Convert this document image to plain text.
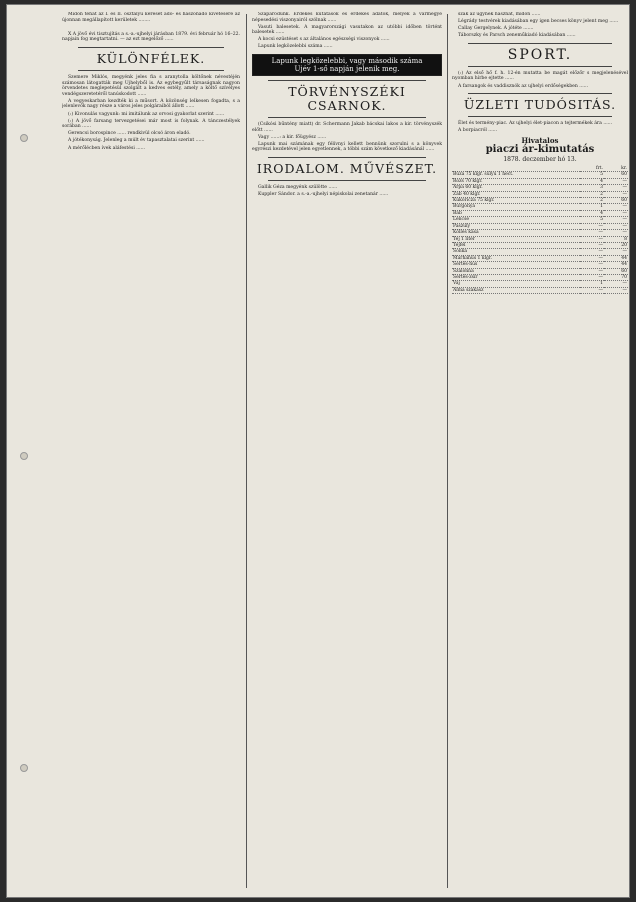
Midőn tehát az I. és II. osztályu kereset adó- és haszonadó kivetésére az újonnan megállapított kerületek ........

X A jövő évi tisztujítás a s.-a.-ujhelyi járásban 1879. évi február hó 16–22. napjain fog megtartatni. — az ezt megelőző ......

KÜLÖNFÉLEK.

Szemere Miklós, megyénk jeles fia s aranytolla költőnek névestéjén számosan látogatták meg Ujhelyből is. Az egybegyűlt társaságnak nagyon örvendetes meglepetésül szolgált a kedves estély, amely a költő szívélyes vendégszeretetéről tanúskodott ......

A vegyeskarban kezdték ki a műsort. A közönség lelkesen fogadta, s a jelenlevők nagy része a város jeles polgáraiból állott ......

(:) Kivonulás vagyunk: mi imitálunk az orvosi gyakorlat szerint ......

(:) A jövő farsang tervezgetései már most is folynak. A tánczestélyek sorában ......

Gerencsi borospince ...... rendkivül olcsó áron eladó.

A jótékonyság. Jelenleg a múlt év tapasztalatai szerint ......

A mérőlécben ívek aláfestési ......

Szaparodunk. Érdekes kutatások és érdekes adatok, melyek a vármegye népesedési viszonyairól szólnak ......

Vasuti balesetek. A magyarországi vasutakon az utóbbi időben történt balesetek ......

A kocsi ezüstéset s az általános egészségi viszonyok ......

Lapunk legközelebbi száma ......

Lapunk legközelebbi, vagy második száma
Ujév 1-ső napján jelenik meg.
TÖRVÉNYSZÉKI CSARNOK.

(Csikósi bűntény miatt) dr. Schermann Jakab bácskai lakos a kir. törvényszék előtt ......

Vagy ......: a kir. főügyész ......

Lapunk mai számának egy félívnyi kellett bennünk szorulni s a könyvek egyrészi kezdetével jelen egyetlennek, a többi szám következő kiadásánál ......

IRODALOM. MŰVÉSZET.

Gallik Géza megyénk szülötte ......

Kuppler Sándor. a s.-a.-ujhelyi népiskolai zenetanár ......

szak az ügynek hasznát, midőn ......

Légrády testvérek kiadásában egy igen becses könyv jelent meg ......

Callay Gergelynek. A jótéte .......

Táborszky és Parsch zeneműkiadó kiadásában ......

SPORT.

(:) Az első hő f. h. 12-én mutatta be magát előzőr s megjelenésével nyomban hírbe ejtette ......

A farsangok és vaddisznók az ujhelyi erdőségekben ......

ÜZLETI TUDÓSITÁS.

Élet és termény-piac. Az ujhelyi élet-piacon a tejtermékek ára ......

A borpiacról ......

Hivatalos
piaczi ár-kimutatás
1878. deczember hó 13.
	frt.	kr.
Búza 75 klgr. súlyu 1 hect.	5	60
Rozs 70 klgr.	4	—
Árpa 60 klgr.	3	—
Zab 40 klgr.	2	—
Kukoricza 75 klgr.	2	60
Burgonya	1	—
Bab	4	—
Lencse	5	—
Paszuly	—	—
Kölles kása	—	—
Tej 1 liter	—	8
Tejfel	—	20
Sonka	—	—
Marhahús 1 klgr.	—	44
Sertés-hús	—	44
Szalonna	—	60
Sertés-zsír	—	70
Vaj	1	—
Alma szakasz	—	—
